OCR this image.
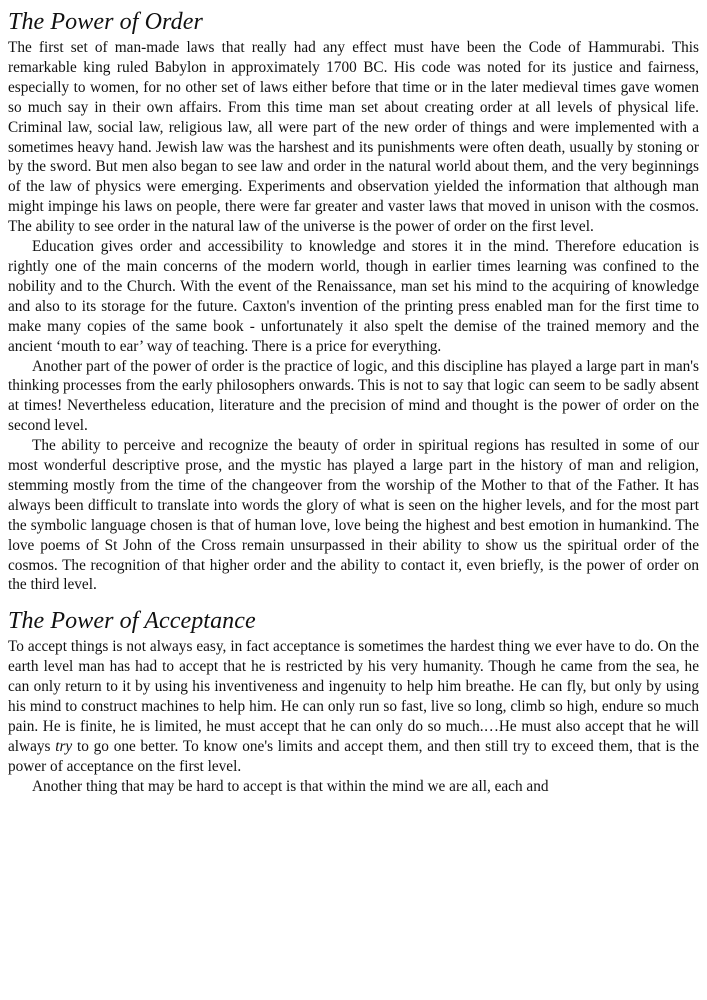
The Power of Order

The first set of man-made laws that really had any effect must have been the Code of Hammurabi. This remarkable king ruled Babylon in approximately 1700 BC. His code was noted for its justice and fairness, especially to women, for no other set of laws either before that time or in the later medieval times gave women so much say in their own affairs. From this time man set about creating order at all levels of physical life. Criminal law, social law, religious law, all were part of the new order of things and were implemented with a sometimes heavy hand. Jewish law was the harshest and its punishments were often death, usually by stoning or by the sword. But men also began to see law and order in the natural world about them, and the very beginnings of the law of physics were emerging. Experiments and observation yielded the information that although man might impinge his laws on people, there were far greater and vaster laws that moved in unison with the cosmos. The ability to see order in the natural law of the universe is the power of order on the first level.

Education gives order and accessibility to knowledge and stores it in the mind. Therefore education is rightly one of the main concerns of the modern world, though in earlier times learning was confined to the nobility and to the Church. With the event of the Renaissance, man set his mind to the acquiring of knowledge and also to its storage for the future. Caxton's invention of the printing press enabled man for the first time to make many copies of the same book - unfortunately it also spelt the demise of the trained memory and the ancient ‘mouth to ear’ way of teaching. There is a price for everything.

Another part of the power of order is the practice of logic, and this discipline has played a large part in man's thinking processes from the early philosophers onwards. This is not to say that logic can seem to be sadly absent at times! Nevertheless education, literature and the precision of mind and thought is the power of order on the second level.

The ability to perceive and recognize the beauty of order in spiritual regions has resulted in some of our most wonderful descriptive prose, and the mystic has played a large part in the history of man and religion, stemming mostly from the time of the changeover from the worship of the Mother to that of the Father. It has always been difficult to translate into words the glory of what is seen on the higher levels, and for the most part the symbolic language chosen is that of human love, love being the highest and best emotion in humankind. The love poems of St John of the Cross remain unsurpassed in their ability to show us the spiritual order of the cosmos. The recognition of that higher order and the ability to contact it, even briefly, is the power of order on the third level.

The Power of Acceptance

To accept things is not always easy, in fact acceptance is sometimes the hardest thing we ever have to do. On the earth level man has had to accept that he is restricted by his very humanity. Though he came from the sea, he can only return to it by using his inventiveness and ingenuity to help him breathe. He can fly, but only by using his mind to construct machines to help him. He can only run so fast, live so long, climb so high, endure so much pain. He is finite, he is limited, he must accept that he can only do so much.…He must also accept that he will always try to go one better. To know one's limits and accept them, and then still try to exceed them, that is the power of acceptance on the first level.

Another thing that may be hard to accept is that within the mind we are all, each and
